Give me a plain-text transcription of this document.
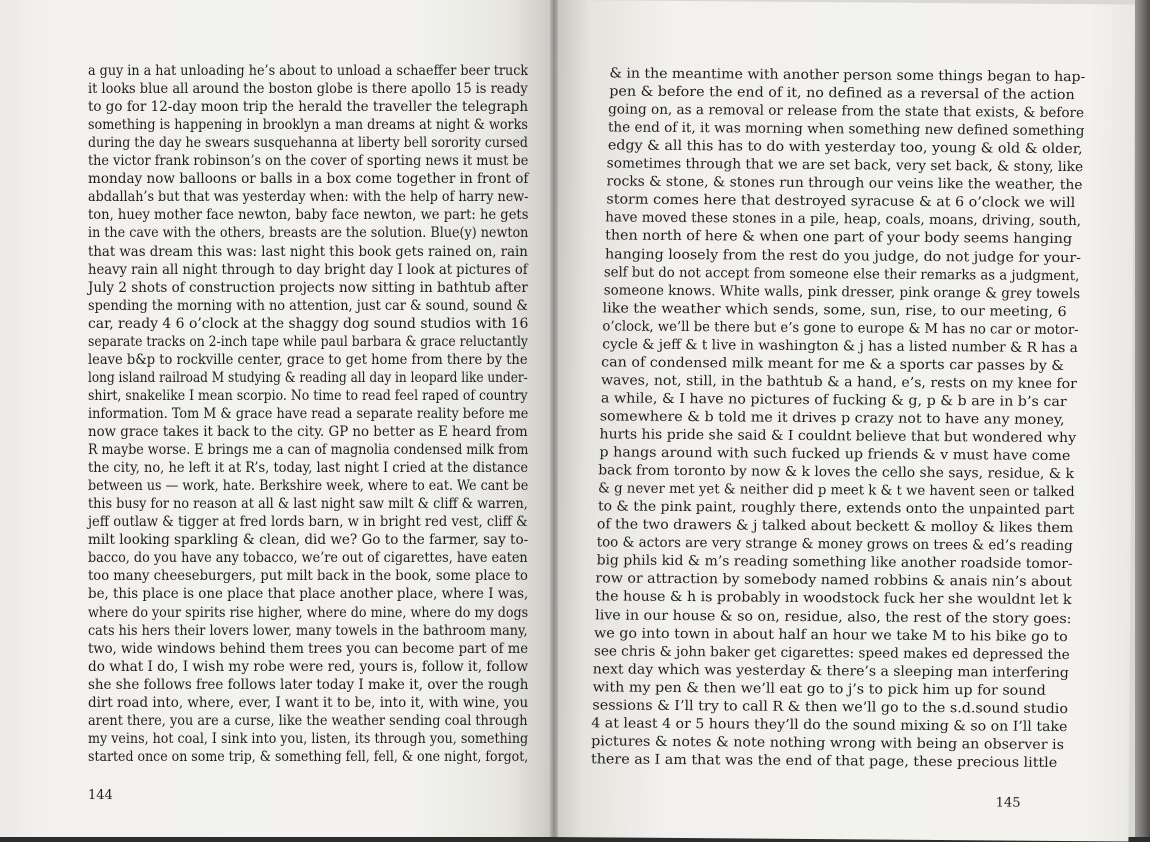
a guy in a hat unloading he’s about to unload a schaeffer beer truck
it looks blue all around the boston globe is there apollo 15 is ready
to go for 12-day moon trip the herald the traveller the telegraph
something is happening in brooklyn a man dreams at night & works
during the day he swears susquehanna at liberty bell sorority cursed
the victor frank robinson’s on the cover of sporting news it must be
monday now balloons or balls in a box come together in front of
abdallah’s but that was yesterday when: with the help of harry new-
ton, huey mother face newton, baby face newton, we part: he gets
in the cave with the others, breasts are the solution. Blue(y) newton
that was dream this was: last night this book gets rained on, rain
heavy rain all night through to day bright day I look at pictures of
July 2 shots of construction projects now sitting in bathtub after
spending the morning with no attention, just car & sound, sound &
car, ready 4 6 o’clock at the shaggy dog sound studios with 16
separate tracks on 2-inch tape while paul barbara & grace reluctantly
leave b&p to rockville center, grace to get home from there by the
long island railroad M studying & reading all day in leopard like under-
shirt, snakelike I mean scorpio. No time to read feel raped of country
information. Tom M & grace have read a separate reality before me
now grace takes it back to the city. GP no better as E heard from
R maybe worse. E brings me a can of magnolia condensed milk from
the city, no, he left it at R’s, today, last night I cried at the distance
between us — work, hate. Berkshire week, where to eat. We cant be
this busy for no reason at all & last night saw milt & cliff & warren,
jeff outlaw & tigger at fred lords barn, w in bright red vest, cliff &
milt looking sparkling & clean, did we? Go to the farmer, say to-
bacco, do you have any tobacco, we’re out of cigarettes, have eaten
too many cheeseburgers, put milt back in the book, some place to
be, this place is one place that place another place, where I was,
where do your spirits rise higher, where do mine, where do my dogs
cats his hers their lovers lower, many towels in the bathroom many,
two, wide windows behind them trees you can become part of me
do what I do, I wish my robe were red, yours is, follow it, follow
she she follows free follows later today I make it, over the rough
dirt road into, where, ever, I want it to be, into it, with wine, you
arent there, you are a curse, like the weather sending coal through
my veins, hot coal, I sink into you, listen, its through you, something
started once on some trip, & something fell, fell, & one night, forgot,
144
& in the meantime with another person some things began to hap-
pen & before the end of it, no defined as a reversal of the action
going on, as a removal or release from the state that exists, & before
the end of it, it was morning when something new defined something
edgy & all this has to do with yesterday too, young & old & older,
sometimes through that we are set back, very set back, & stony, like
rocks & stone, & stones run through our veins like the weather, the
storm comes here that destroyed syracuse & at 6 o’clock we will
have moved these stones in a pile, heap, coals, moans, driving, south,
then north of here & when one part of your body seems hanging
hanging loosely from the rest do you judge, do not judge for your-
self but do not accept from someone else their remarks as a judgment,
someone knows. White walls, pink dresser, pink orange & grey towels
like the weather which sends, some, sun, rise, to our meeting, 6
o’clock, we’ll be there but e’s gone to europe & M has no car or motor-
cycle & jeff & t live in washington & j has a listed number & R has a
can of condensed milk meant for me & a sports car passes by &
waves, not, still, in the bathtub & a hand, e’s, rests on my knee for
a while, & I have no pictures of fucking & g, p & b are in b’s car
somewhere & b told me it drives p crazy not to have any money,
hurts his pride she said & I couldnt believe that but wondered why
p hangs around with such fucked up friends & v must have come
back from toronto by now & k loves the cello she says, residue, & k
& g never met yet & neither did p meet k & t we havent seen or talked
to & the pink paint, roughly there, extends onto the unpainted part
of the two drawers & j talked about beckett & molloy & likes them
too & actors are very strange & money grows on trees & ed’s reading
big phils kid & m’s reading something like another roadside tomor-
row or attraction by somebody named robbins & anais nin’s about
the house & h is probably in woodstock fuck her she wouldnt let k
live in our house & so on, residue, also, the rest of the story goes:
we go into town in about half an hour we take M to his bike go to
see chris & john baker get cigarettes: speed makes ed depressed the
next day which was yesterday & there’s a sleeping man interfering
with my pen & then we’ll eat go to j’s to pick him up for sound
sessions & I’ll try to call R & then we’ll go to the s.d.sound studio
4 at least 4 or 5 hours they’ll do the sound mixing & so on I’ll take
pictures & notes & note nothing wrong with being an observer is
there as I am that was the end of that page, these precious little
145
